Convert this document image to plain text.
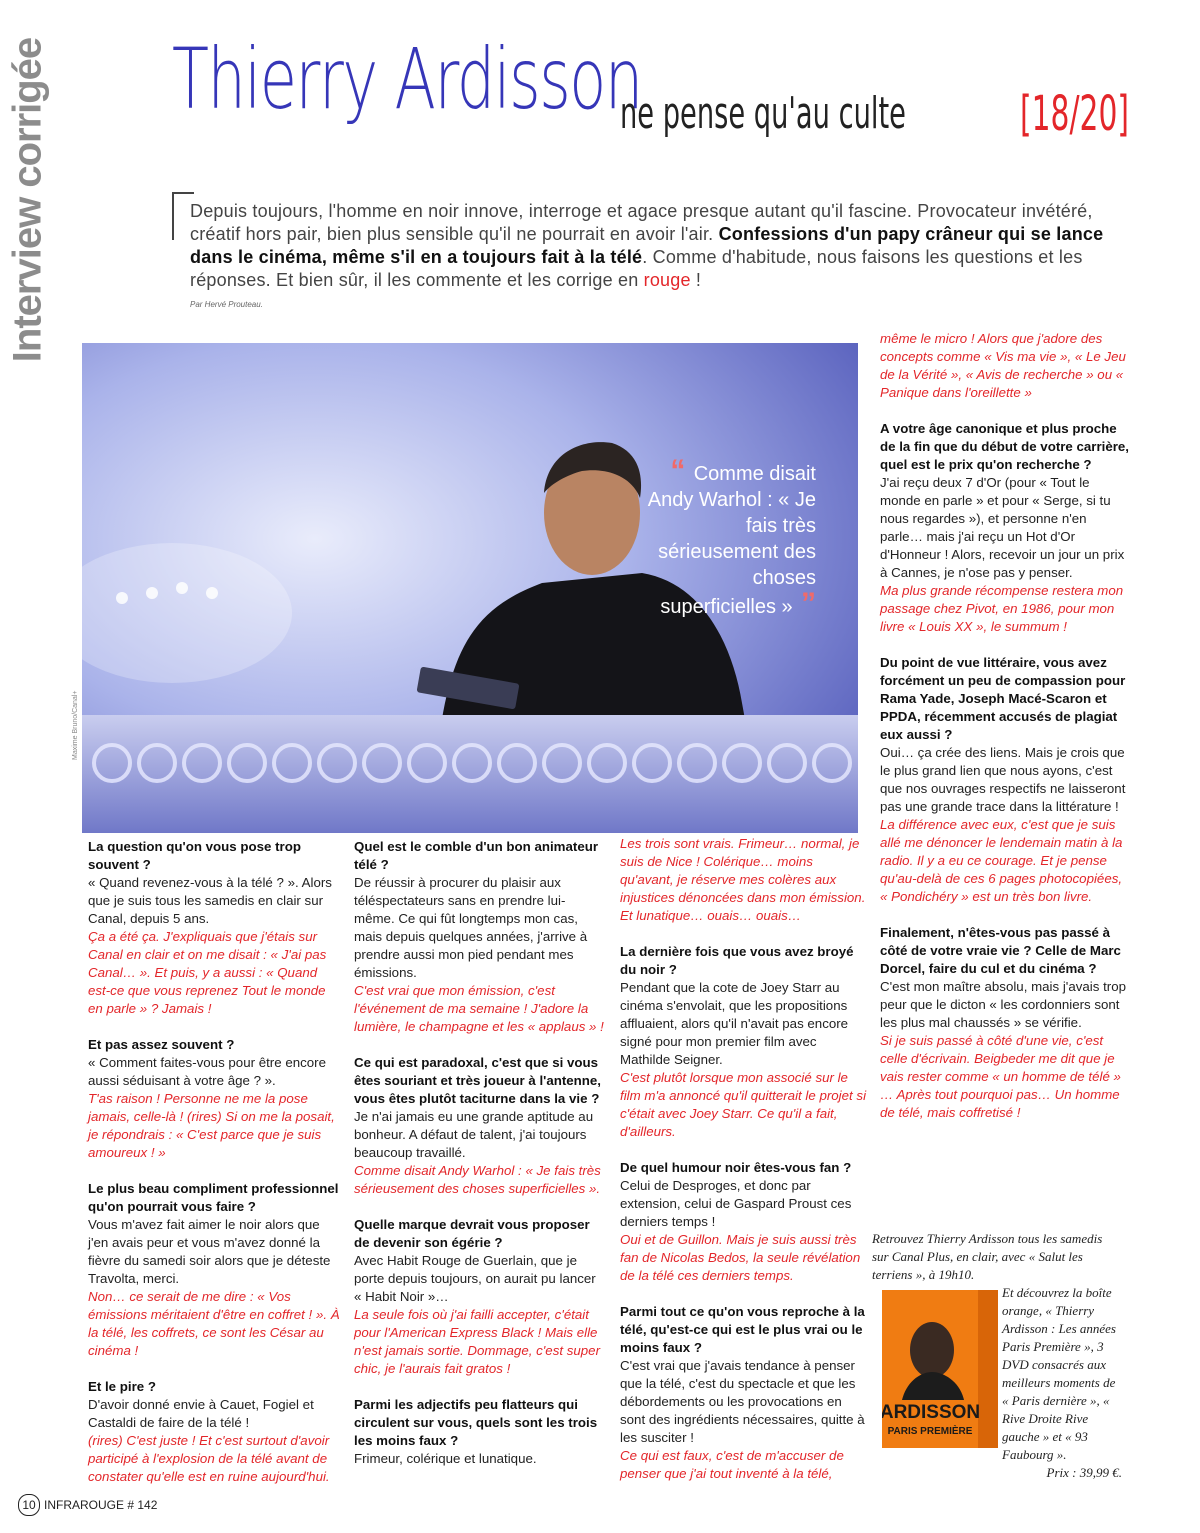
Interview corrigée Thierry Ardisson
ne pense qu'au culte [18/20]
Depuis toujours, l'homme en noir innove, interroge et agace presque autant qu'il fascine. Provocateur invétéré, créatif hors pair, bien plus sensible qu'il ne pourrait en avoir l'air. Confessions d'un papy crâneur qui se lance dans le cinéma, même s'il en a toujours fait à la télé. Comme d'habitude, nous faisons les questions et les réponses. Et bien sûr, il les commente et les corrige en rouge !
Par Hervé Prouteau.
Maxime Bruno/Canal+
“ Comme disait Andy Warhol : « Je fais très sérieusement des choses superficielles » ”
La question qu'on vous pose trop souvent ?

« Quand revenez-vous à la télé ? ». Alors que je suis tous les samedis en clair sur Canal, depuis 5 ans.

Ça a été ça. J'expliquais que j'étais sur Canal en clair et on me disait : « J'ai pas Canal… ». Et puis, y a aussi : « Quand est-ce que vous reprenez Tout le monde en parle » ? Jamais !

Et pas assez souvent ?

« Comment faites-vous pour être encore aussi séduisant à votre âge ? ».

T'as raison ! Personne ne me la pose jamais, celle-là ! (rires) Si on me la posait, je répondrais : « C'est parce que je suis amoureux ! »

Le plus beau compliment professionnel qu'on pourrait vous faire ?

Vous m'avez fait aimer le noir alors que j'en avais peur et vous m'avez donné la fièvre du samedi soir alors que je déteste Travolta, merci.

Non… ce serait de me dire : « Vos émissions méritaient d'être en coffret ! ». À la télé, les coffrets, ce sont les César au cinéma !

Et le pire ?

D'avoir donné envie à Cauet, Fogiel et Castaldi de faire de la télé !

(rires) C'est juste ! Et c'est surtout d'avoir participé à l'explosion de la télé avant de constater qu'elle est en ruine aujourd'hui.

Quel est le comble d'un bon animateur télé ?

De réussir à procurer du plaisir aux téléspectateurs sans en prendre lui-même. Ce qui fût longtemps mon cas, mais depuis quelques années, j'arrive à prendre aussi mon pied pendant mes émissions.

C'est vrai que mon émission, c'est l'événement de ma semaine ! J'adore la lumière, le champagne et les « applaus » !

Ce qui est paradoxal, c'est que si vous êtes souriant et très joueur à l'antenne, vous êtes plutôt taciturne dans la vie ?

Je n'ai jamais eu une grande aptitude au bonheur. A défaut de talent, j'ai toujours beaucoup travaillé.

Comme disait Andy Warhol : « Je fais très sérieusement des choses superficielles ».

Quelle marque devrait vous proposer de devenir son égérie ?

Avec Habit Rouge de Guerlain, que je porte depuis toujours, on aurait pu lancer « Habit Noir »…

La seule fois où j'ai failli accepter, c'était pour l'American Express Black ! Mais elle n'est jamais sortie. Dommage, c'est super chic, je l'aurais fait gratos !

Parmi les adjectifs peu flatteurs qui circulent sur vous, quels sont les trois les moins faux ?

Frimeur, colérique et lunatique.

Les trois sont vrais. Frimeur… normal, je suis de Nice ! Colérique… moins qu'avant, je réserve mes colères aux injustices dénoncées dans mon émission. Et lunatique… ouais… ouais…

La dernière fois que vous avez broyé du noir ?

Pendant que la cote de Joey Starr au cinéma s'envolait, que les propositions affluaient, alors qu'il n'avait pas encore signé pour mon premier film avec Mathilde Seigner.

C'est plutôt lorsque mon associé sur le film m'a annoncé qu'il quitterait le projet si c'était avec Joey Starr. Ce qu'il a fait, d'ailleurs.

De quel humour noir êtes-vous fan ?

Celui de Desproges, et donc par extension, celui de Gaspard Proust ces derniers temps !

Oui et de Guillon. Mais je suis aussi très fan de Nicolas Bedos, la seule révélation de la télé ces derniers temps.

Parmi tout ce qu'on vous reproche à la télé, qu'est-ce qui est le plus vrai ou le moins faux ?

C'est vrai que j'avais tendance à penser que la télé, c'est du spectacle et que les débordements ou les provocations en sont des ingrédients nécessaires, quitte à les susciter !

Ce qui est faux, c'est de m'accuser de penser que j'ai tout inventé à la télé,

même le micro ! Alors que j'adore des concepts comme « Vis ma vie », « Le Jeu de la Vérité », « Avis de recherche » ou « Panique dans l'oreillette »

A votre âge canonique et plus proche de la fin que du début de votre carrière, quel est le prix qu'on recherche ?

J'ai reçu deux 7 d'Or (pour « Tout le monde en parle » et pour « Serge, si tu nous regardes »), et personne n'en parle… mais j'ai reçu un Hot d'Or d'Honneur ! Alors, recevoir un jour un prix à Cannes, je n'ose pas y penser.

Ma plus grande récompense restera mon passage chez Pivot, en 1986, pour mon livre « Louis XX », le summum !

Du point de vue littéraire, vous avez forcément un peu de compassion pour Rama Yade, Joseph Macé-Scaron et PPDA, récemment accusés de plagiat eux aussi ?

Oui… ça crée des liens. Mais je crois que le plus grand lien que nous ayons, c'est que nos ouvrages respectifs ne laisseront pas une grande trace dans la littérature !

La différence avec eux, c'est que je suis allé me dénoncer le lendemain matin à la radio. Il y a eu ce courage. Et je pense qu'au-delà de ces 6 pages photocopiées, « Pondichéry » est un très bon livre.

Finalement, n'êtes-vous pas passé à côté de votre vraie vie ? Celle de Marc Dorcel, faire du cul et du cinéma ?

C'est mon maître absolu, mais j'avais trop peur que le dicton « les cordonniers sont les plus mal chaussés » se vérifie.

Si je suis passé à côté d'une vie, c'est celle d'écrivain. Beigbeder me dit que je vais rester comme « un homme de télé » … Après tout pourquoi pas… Un homme de télé, mais coffretisé !

Retrouvez Thierry Ardisson tous les samedis sur Canal Plus, en clair, avec « Salut les terriens », à 19h10.

Et découvrez la boîte orange, « Thierry Ardisson : Les années Paris Première », 3 DVD consacrés aux meilleurs moments de « Paris dernière », « Rive Droite Rive gauche » et « 93 Faubourg ».

Prix : 39,99 €.

ARDISSON
PARIS PREMIÈRE
10 INFRAROUGE # 142
